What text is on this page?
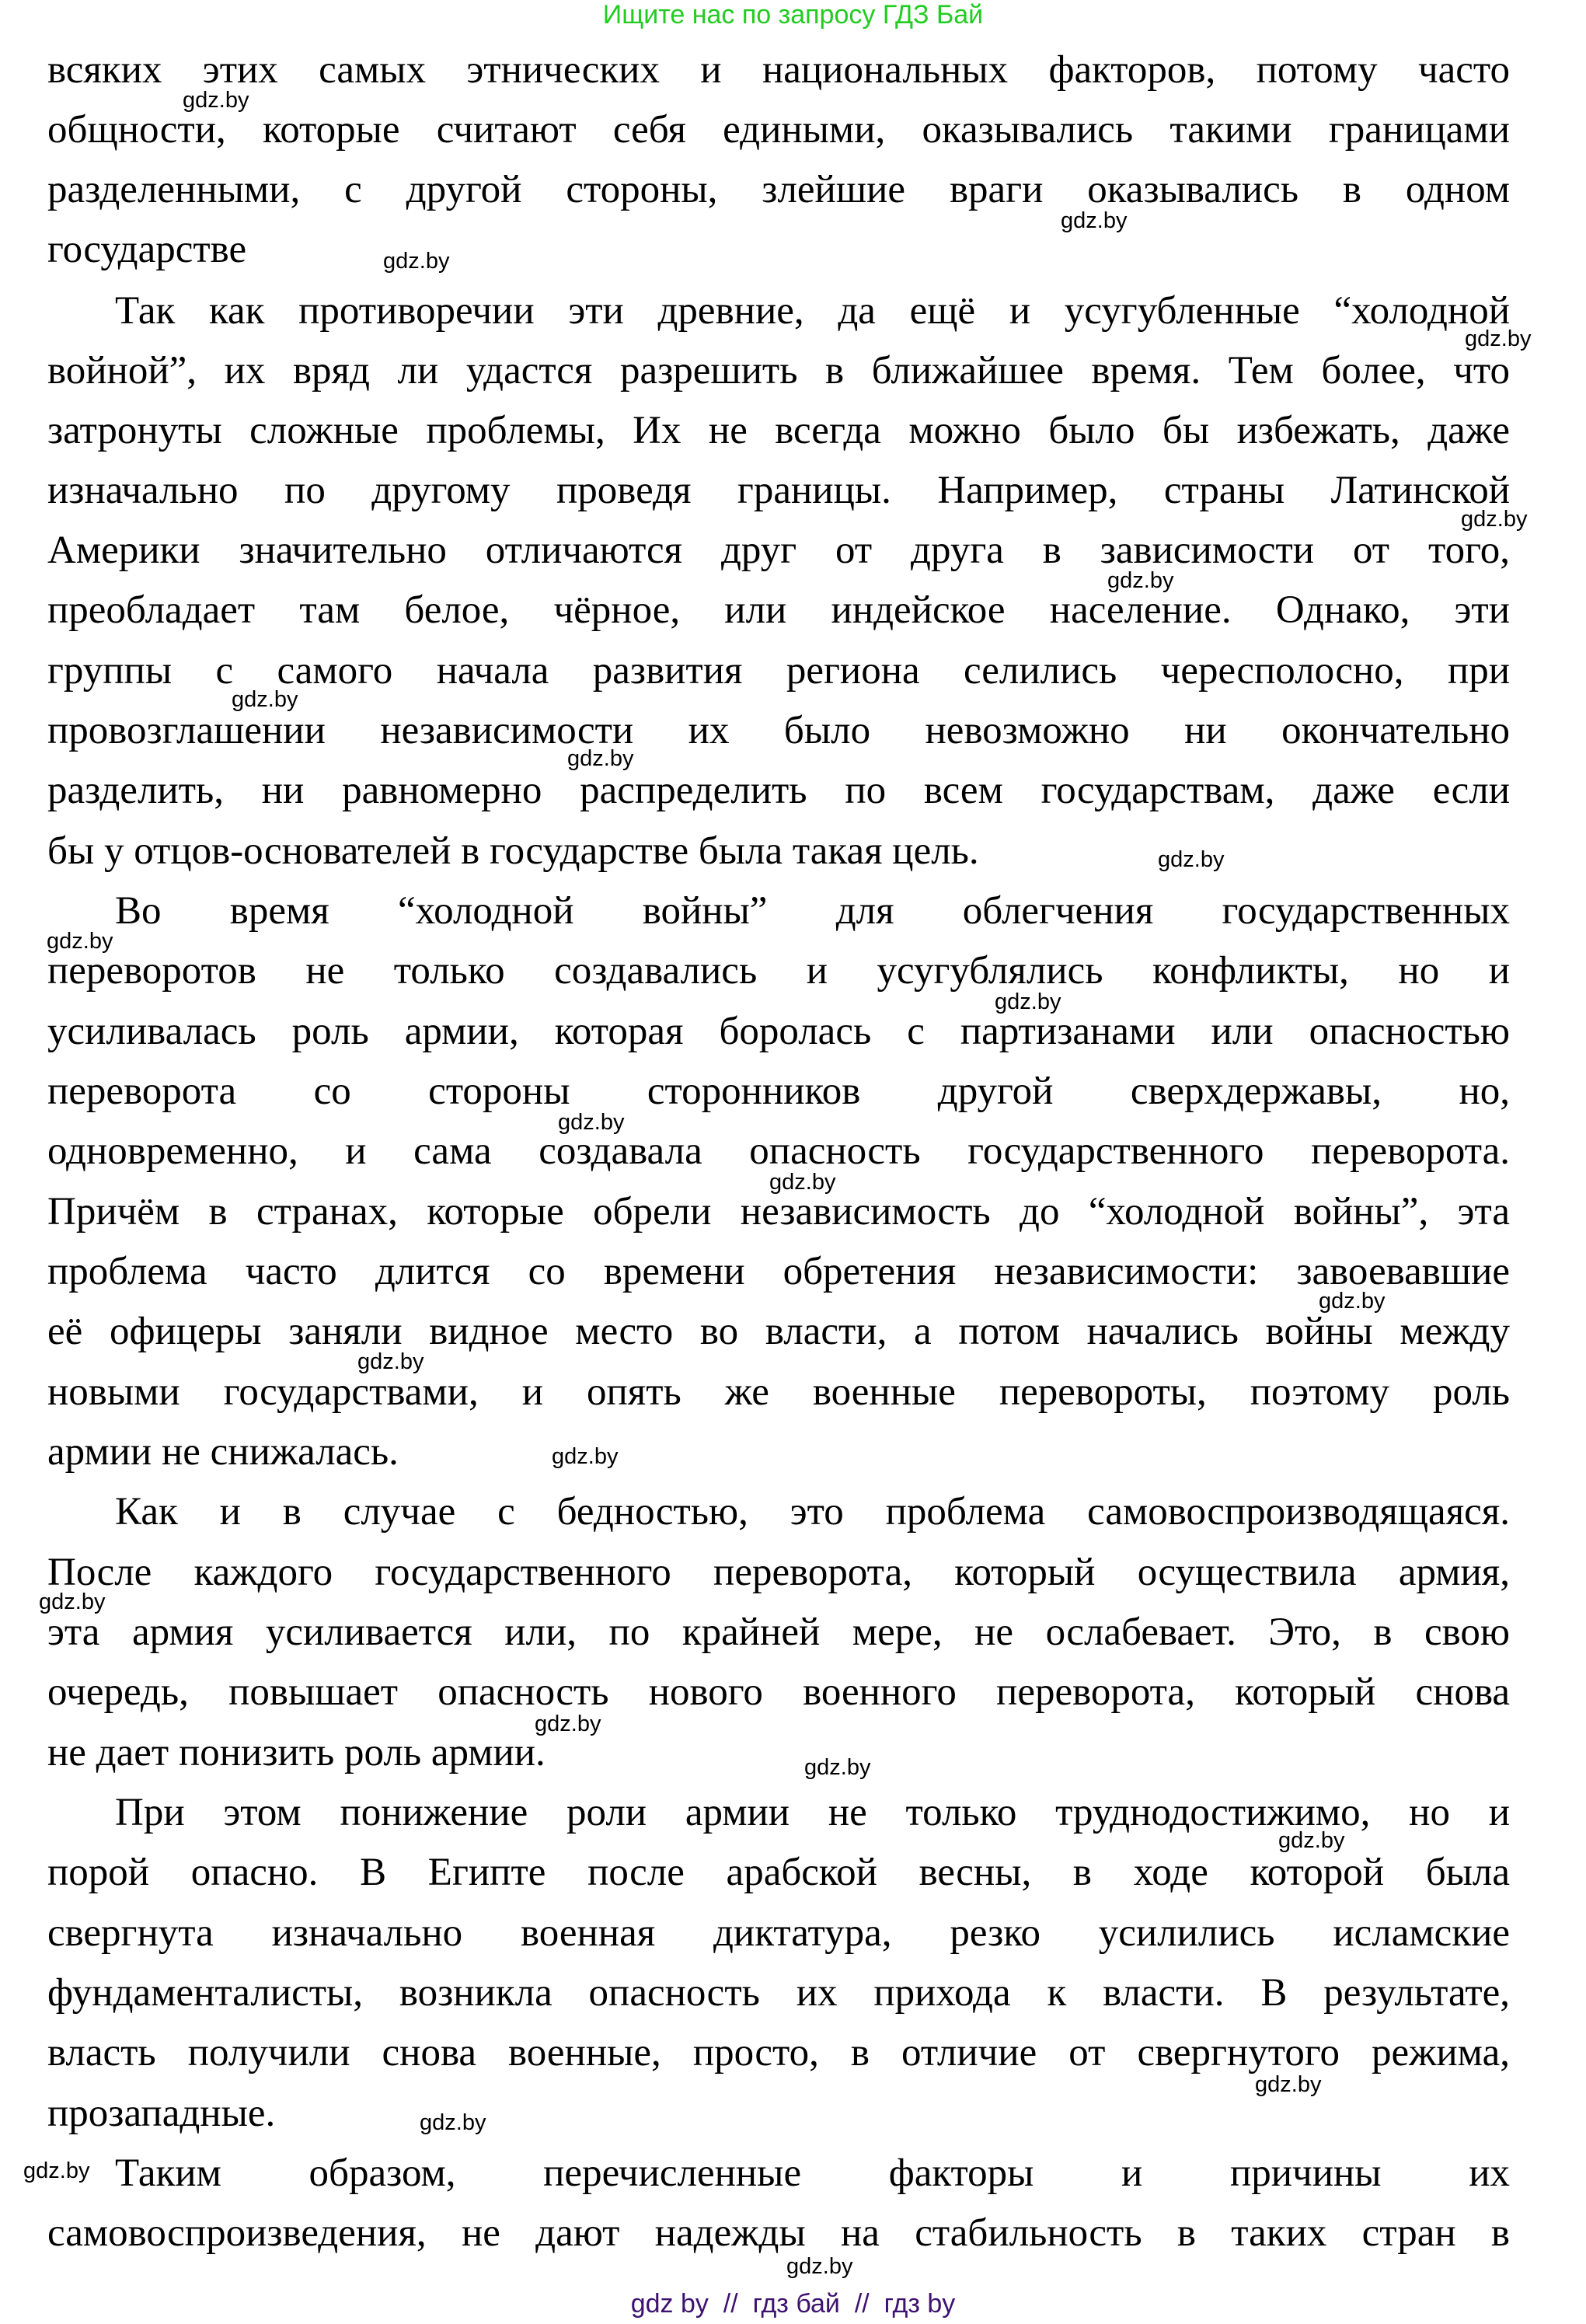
Ищите нас по запросу ГДЗ Бай
всяких этих самых этнических и национальных факторов, потому часто
общности, которые считают себя едиными, оказывались такими границами
разделенными, с другой стороны, злейшие враги оказывались в одном
государстве
Так как противоречии эти древние, да ещё и усугубленные “холодной
войной”, их вряд ли удастся разрешить в ближайшее время. Тем более, что
затронуты сложные проблемы, Их не всегда можно было бы избежать, даже
изначально по другому проведя границы. Например, страны Латинской
Америки значительно отличаются друг от друга в зависимости от того,
преобладает там белое, чёрное, или индейское население. Однако, эти
группы с самого начала развития региона селились чересполосно, при
провозглашении независимости их было невозможно ни окончательно
разделить, ни равномерно распределить по всем государствам, даже если
бы у отцов-основателей в государстве была такая цель.
Во время “холодной войны” для облегчения государственных
переворотов не только создавались и усугублялись конфликты, но и
усиливалась роль армии, которая боролась с партизанами или опасностью
переворота со стороны сторонников другой сверхдержавы, но,
одновременно, и сама создавала опасность государственного переворота.
Причём в странах, которые обрели независимость до “холодной войны”, эта
проблема часто длится со времени обретения независимости: завоевавшие
её офицеры заняли видное место во власти, а потом начались войны между
новыми государствами, и опять же военные перевороты, поэтому роль
армии не снижалась.
Как и в случае с бедностью, это проблема самовоспроизводящаяся.
После каждого государственного переворота, который осуществила армия,
эта армия усиливается или, по крайней мере, не ослабевает. Это, в свою
очередь, повышает опасность нового военного переворота, который снова
не дает понизить роль армии.
При этом понижение роли армии не только труднодостижимо, но и
порой опасно. В Египте после арабской весны, в ходе которой была
свергнута изначально военная диктатура, резко усилились исламские
фундаменталисты, возникла опасность их прихода к власти. В результате,
власть получили снова военные, просто, в отличие от свергнутого режима,
прозападные.
Таким образом, перечисленные факторы и причины их
самовоспроизведения, не дают надежды на стабильность в таких стран в
gdz.by
gdz.by
gdz.by
gdz.by
gdz.by
gdz.by
gdz.by
gdz.by
gdz.by
gdz.by
gdz.by
gdz.by
gdz.by
gdz.by
gdz.by
gdz.by
gdz.by
gdz.by
gdz.by
gdz.by
gdz.by
gdz.by
gdz.by
gdz.by
gdz by  //  гдз бай  //  гдз by
